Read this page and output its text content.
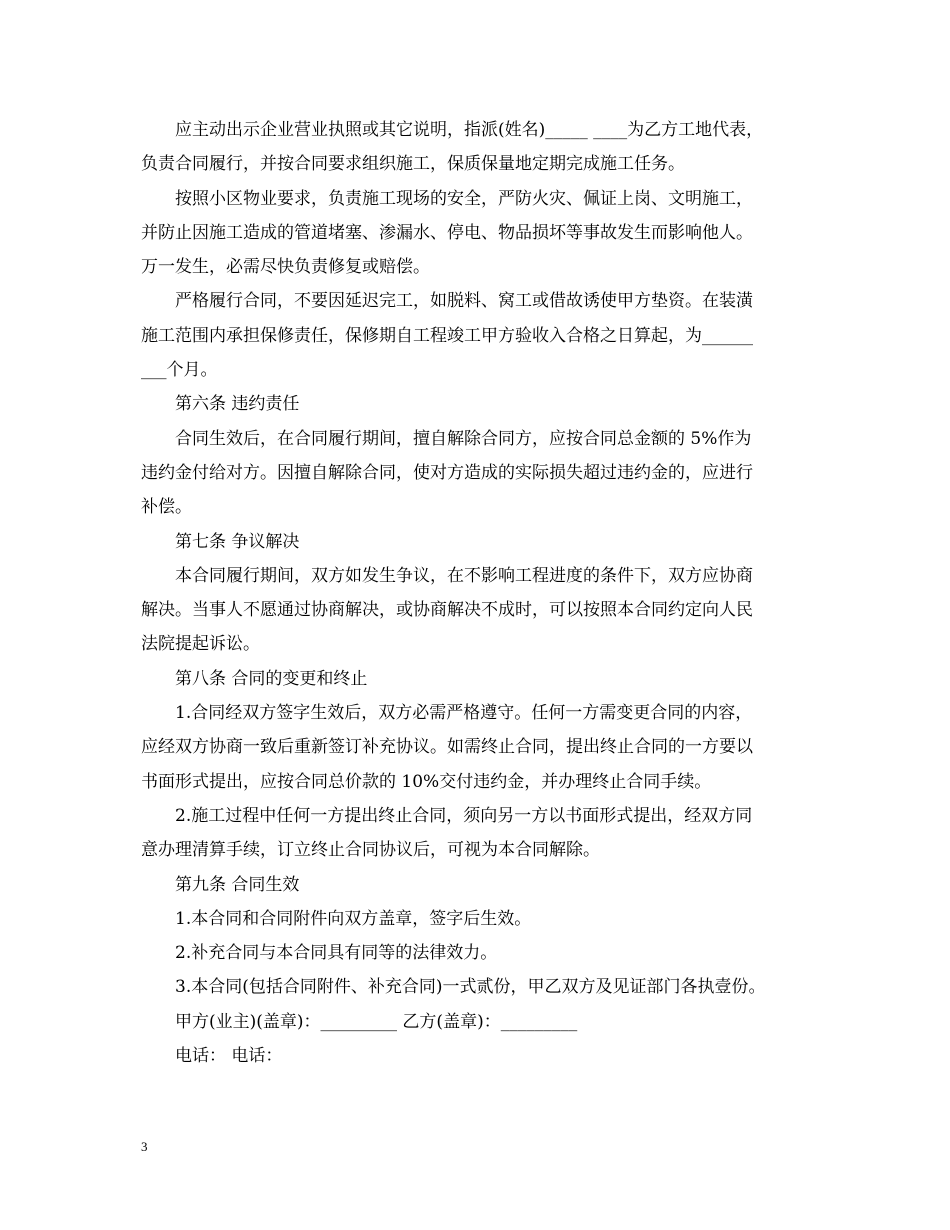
应主动出示企业营业执照或其它说明，指派(姓名)_____ ____为乙方工地代表，
负责合同履行，并按合同要求组织施工，保质保量地定期完成施工任务。
按照小区物业要求，负责施工现场的安全，严防火灾、佩证上岗、文明施工，
并防止因施工造成的管道堵塞、渗漏水、停电、物品损坏等事故发生而影响他人。
万一发生，必需尽快负责修复或赔偿。
严格履行合同，不要因延迟完工，如脱料、窝工或借故诱使甲方垫资。在装潢
施工范围内承担保修责任，保修期自工程竣工甲方验收入合格之日算起，为______
___个月。
第六条 违约责任
合同生效后，在合同履行期间，擅自解除合同方，应按合同总金额的 5%作为
违约金付给对方。因擅自解除合同，使对方造成的实际损失超过违约金的，应进行
补偿。
第七条 争议解决
本合同履行期间，双方如发生争议，在不影响工程进度的条件下，双方应协商
解决。当事人不愿通过协商解决，或协商解决不成时，可以按照本合同约定向人民
法院提起诉讼。
第八条 合同的变更和终止
1.合同经双方签字生效后，双方必需严格遵守。任何一方需变更合同的内容，
应经双方协商一致后重新签订补充协议。如需终止合同，提出终止合同的一方要以
书面形式提出，应按合同总价款的 10%交付违约金，并办理终止合同手续。
2.施工过程中任何一方提出终止合同，须向另一方以书面形式提出，经双方同
意办理清算手续，订立终止合同协议后，可视为本合同解除。
第九条 合同生效
1.本合同和合同附件向双方盖章，签字后生效。
2.补充合同与本合同具有同等的法律效力。
3.本合同(包括合同附件、补充合同)一式贰份，甲乙双方及见证部门各执壹份。
甲方(业主)(盖章)：_________ 乙方(盖章)：_________
电话： 电话：
3
